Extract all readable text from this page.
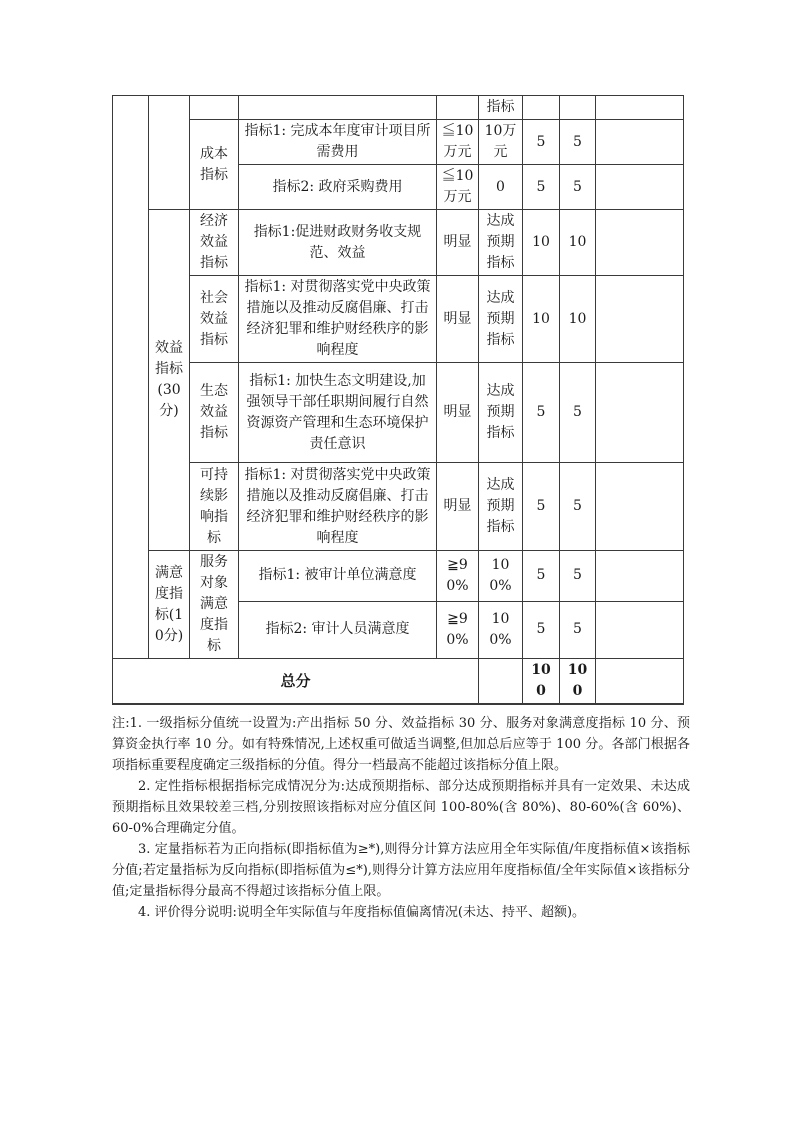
					指标			
		成本指标	指标1: 完成本年度审计项目所需费用	≦10万元	10万元	5	5	
			指标2: 政府采购费用	≦10万元	0	5	5	
	效益指标(30分)	经济效益指标	指标1:促进财政财务收支规范、效益	明显	达成预期指标	10	10	
		社会效益指标	指标1: 对贯彻落实党中央政策措施以及推动反腐倡廉、打击经济犯罪和维护财经秩序的影响程度	明显	达成预期指标	10	10	
		生态效益指标	指标1: 加快生态文明建设,加强领导干部任职期间履行自然资源资产管理和生态环境保护责任意识	明显	达成预期指标	5	5	
		可持续影响指标	指标1: 对贯彻落实党中央政策措施以及推动反腐倡廉、打击经济犯罪和维护财经秩序的影响程度	明显	达成预期指标	5	5	
	满意度指标(10分)	服务对象满意度指标	指标1: 被审计单位满意度	≧90%	100%	5	5	
			指标2: 审计人员满意度	≧90%	100%	5	5	
总分						100	100	

注:1. 一级指标分值统一设置为:产出指标 50 分、效益指标 30 分、服务对象满意度指标 10 分、预算资金执行率 10 分。如有特殊情况,上述权重可做适当调整,但加总后应等于 100 分。各部门根据各项指标重要程度确定三级指标的分值。得分一档最高不能超过该指标分值上限。

2. 定性指标根据指标完成情况分为:达成预期指标、部分达成预期指标并具有一定效果、未达成预期指标且效果较差三档,分别按照该指标对应分值区间 100-80%(含 80%)、80-60%(含 60%)、60-0%合理确定分值。

3. 定量指标若为正向指标(即指标值为≥*),则得分计算方法应用全年实际值/年度指标值×该指标分值;若定量指标为反向指标(即指标值为≤*),则得分计算方法应用年度指标值/全年实际值×该指标分值;定量指标得分最高不得超过该指标分值上限。

4. 评价得分说明:说明全年实际值与年度指标值偏离情况(未达、持平、超额)。
